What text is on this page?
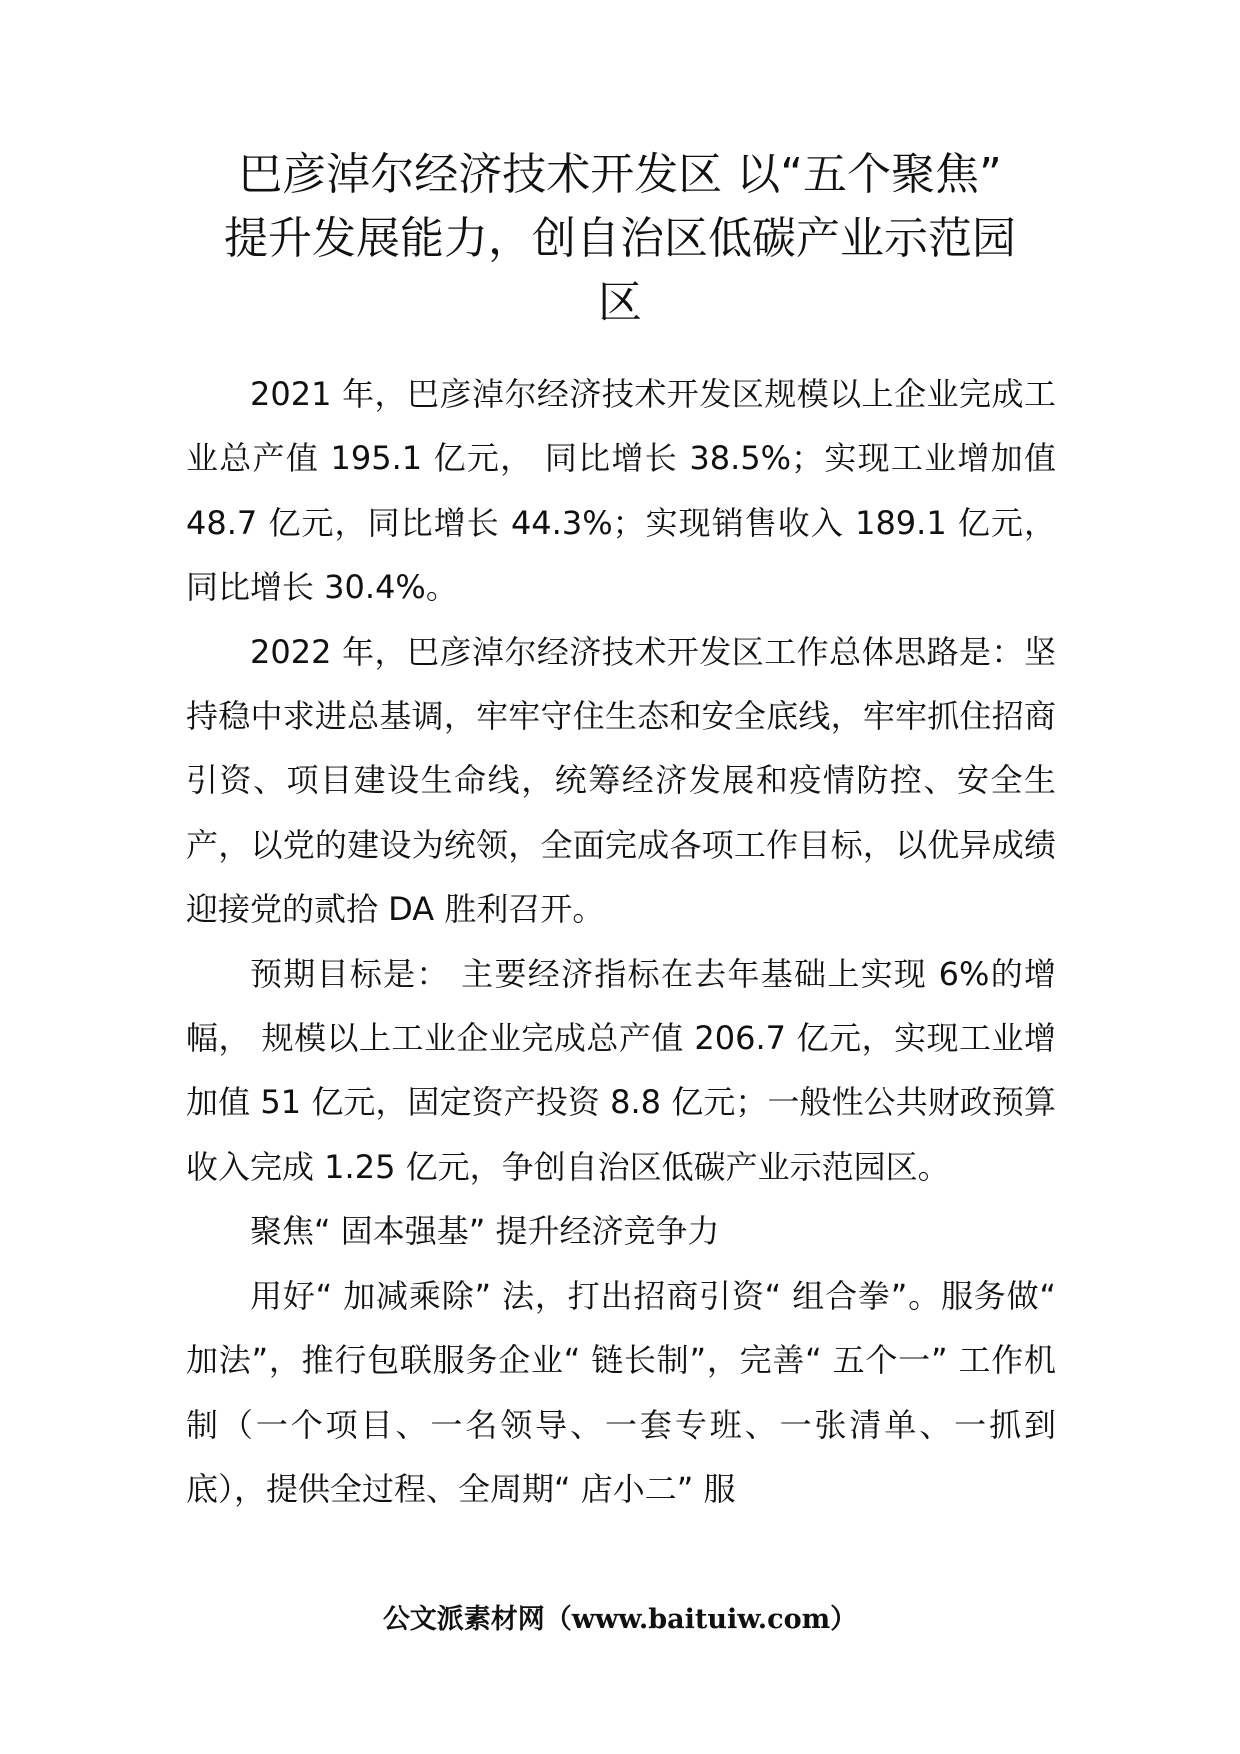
巴彦淖尔经济技术开发区 以“五个聚焦”
提升发展能力，创自治区低碳产业示范园
区

2021 年，巴彦淖尔经济技术开发区规模以上企业完成工业总产值 195.1 亿元， 同比增长 38.5%；实现工业增加值 48.7 亿元，同比增长 44.3%；实现销售收入 189.1 亿元，同比增长 30.4%。

2022 年，巴彦淖尔经济技术开发区工作总体思路是：坚持稳中求进总基调，牢牢守住生态和安全底线，牢牢抓住招商引资、项目建设生命线，统筹经济发展和疫情防控、安全生产，以党的建设为统领，全面完成各项工作目标，以优异成绩迎接党的贰拾 DA 胜利召开。

预期目标是： 主要经济指标在去年基础上实现 6%的增幅， 规模以上工业企业完成总产值 206.7 亿元，实现工业增加值 51 亿元，固定资产投资 8.8 亿元；一般性公共财政预算收入完成 1.25 亿元，争创自治区低碳产业示范园区。

聚焦“ 固本强基” 提升经济竞争力

用好“ 加减乘除” 法，打出招商引资“ 组合拳”。服务做“ 加法”，推行包联服务企业“ 链长制”，完善“ 五个一” 工作机制（一个项目、一名领导、一套专班、一张清单、一抓到底），提供全过程、全周期“ 店小二” 服

公文派素材网（www.baituiw.com）
